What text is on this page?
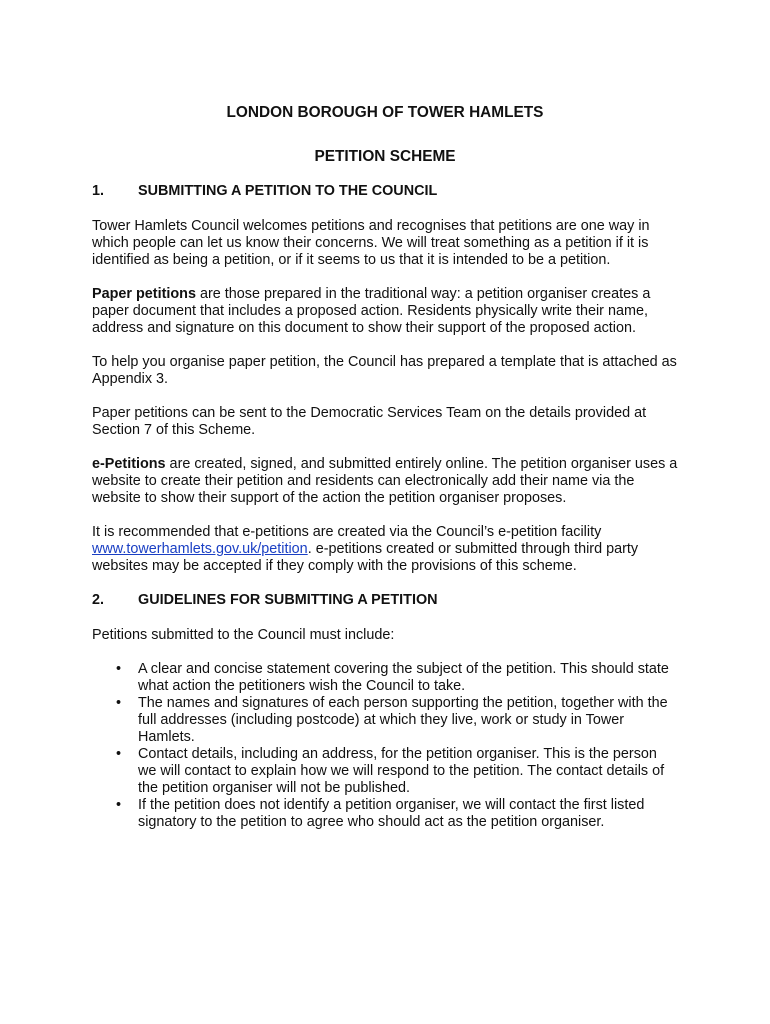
LONDON BOROUGH OF TOWER HAMLETS
PETITION SCHEME
1.	SUBMITTING A PETITION TO THE COUNCIL

Tower Hamlets Council welcomes petitions and recognises that petitions are one way in which people can let us know their concerns. We will treat something as a petition if it is identified as being a petition, or if it seems to us that it is intended to be a petition.

Paper petitions are those prepared in the traditional way: a petition organiser creates a paper document that includes a proposed action. Residents physically write their name, address and signature on this document to show their support of the proposed action.

To help you organise paper petition, the Council has prepared a template that is attached as Appendix 3.

Paper petitions can be sent to the Democratic Services Team on the details provided at Section 7 of this Scheme.

e-Petitions are created, signed, and submitted entirely online. The petition organiser uses a website to create their petition and residents can electronically add their name via the website to show their support of the action the petition organiser proposes.

It is recommended that e-petitions are created via the Council’s e-petition facility www.towerhamlets.gov.uk/petition. e-petitions created or submitted through third party websites may be accepted if they comply with the provisions of this scheme.

2.	GUIDELINES FOR SUBMITTING A PETITION

Petitions submitted to the Council must include:

• A clear and concise statement covering the subject of the petition. This should state what action the petitioners wish the Council to take.
• The names and signatures of each person supporting the petition, together with the full addresses (including postcode) at which they live, work or study in Tower Hamlets.
• Contact details, including an address, for the petition organiser. This is the person we will contact to explain how we will respond to the petition. The contact details of the petition organiser will not be published.
• If the petition does not identify a petition organiser, we will contact the first listed signatory to the petition to agree who should act as the petition organiser.
